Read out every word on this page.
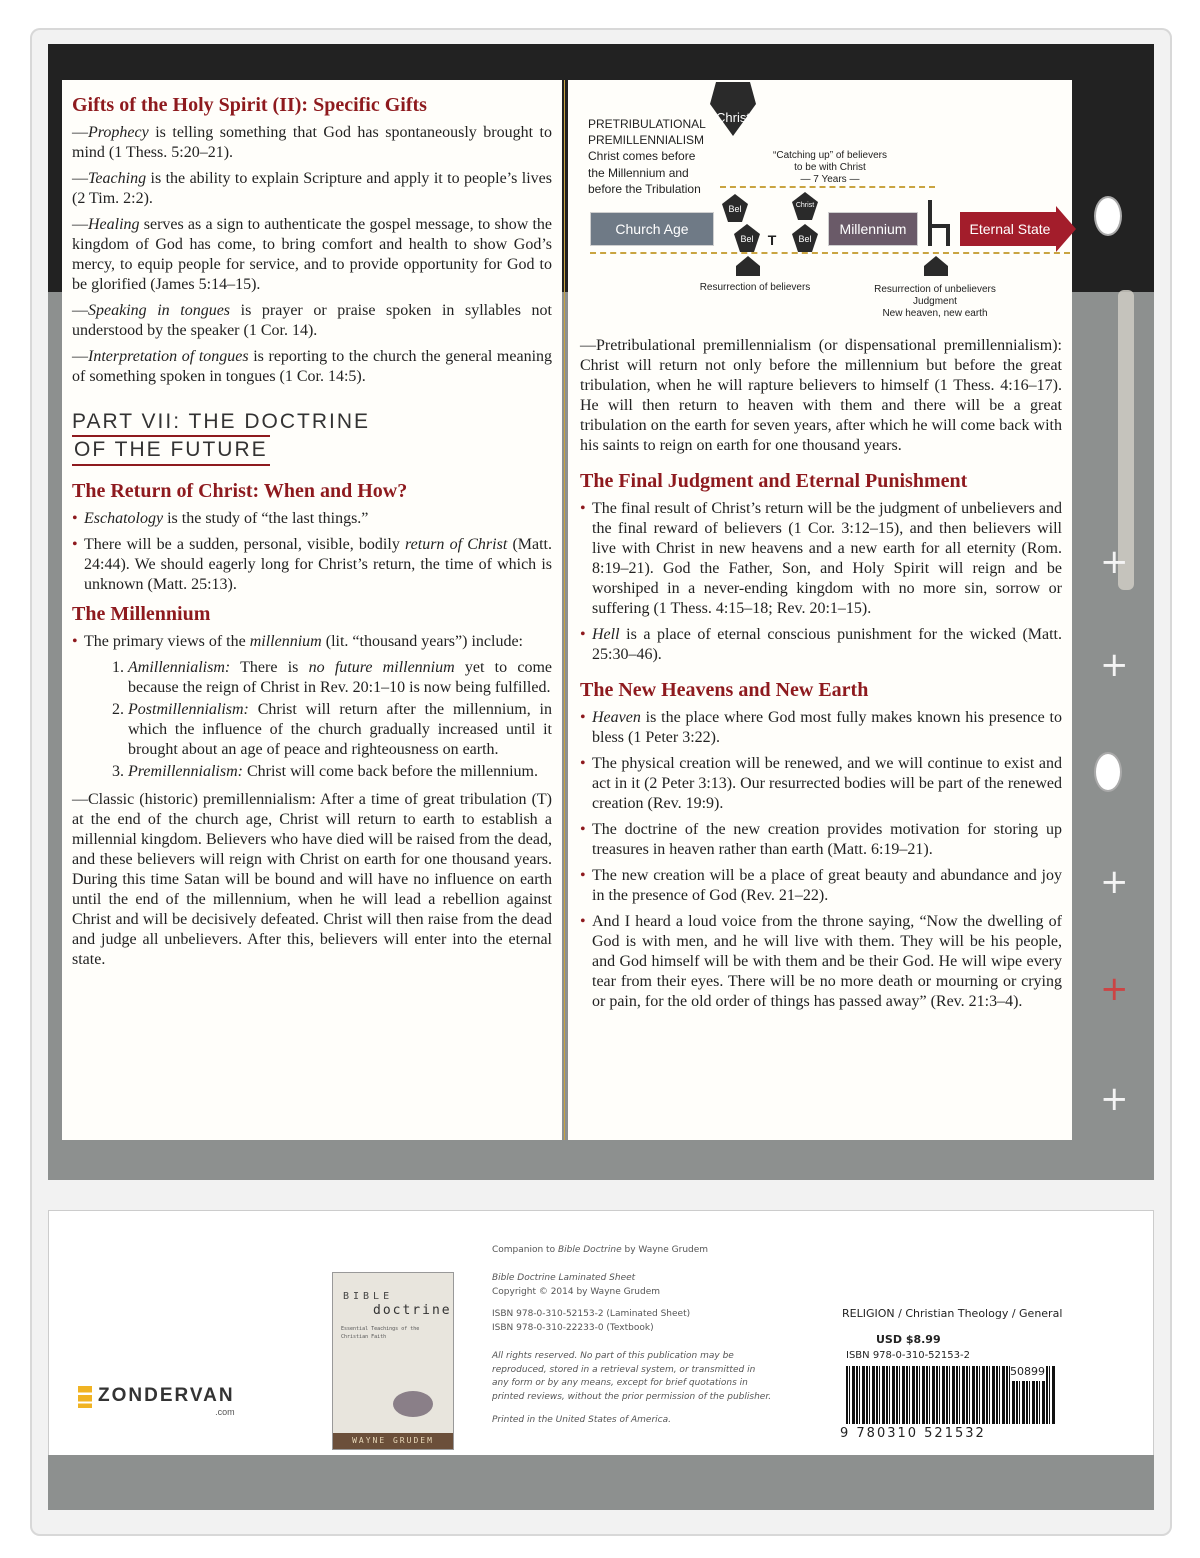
+
+
+
+
+
Gifts of the Holy Spirit (II): Specific Gifts

—Prophecy is telling something that God has spontaneously brought to mind (1 Thess. 5:20–21).

—Teaching is the ability to explain Scripture and apply it to people’s lives (2 Tim. 2:2).

—Healing serves as a sign to authenticate the gospel message, to show the kingdom of God has come, to bring comfort and health to show God’s mercy, to equip people for service, and to provide opportunity for God to be glorified (James 5:14–15).

—Speaking in tongues is prayer or praise spoken in syllables not understood by the speaker (1 Cor. 14).

—Interpretation of tongues is reporting to the church the general meaning of something spoken in tongues (1 Cor. 14:5).

PART VII: THE DOCTRINE
OF THE FUTURE
The Return of Christ: When and How?
• Eschatology is the study of “the last things.”
• There will be a sudden, personal, visible, bodily return of Christ (Matt. 24:44). We should eagerly long for Christ’s return, the time of which is unknown (Matt. 25:13).
The Millennium
• The primary views of the millennium (lit. “thousand years”) include:
1. Amillennialism: There is no future millennium yet to come because the reign of Christ in Rev. 20:1–10 is now being fulfilled.
2. Postmillennialism: Christ will return after the millennium, in which the influence of the church gradually increased until it brought about an age of peace and righteousness on earth.
3. Premillennialism: Christ will come back before the millennium.

—Classic (historic) premillennialism: After a time of great tribulation (T) at the end of the church age, Christ will return to earth to establish a millennial kingdom. Believers who have died will be raised from the dead, and these believers will reign with Christ on earth for one thousand years. During this time Satan will be bound and will have no influence on earth until the end of the millennium, when he will lead a rebellion against Christ and will be decisively defeated. Christ will then raise from the dead and judge all unbelievers. After this, believers will enter into the eternal state.

PRETRIBULATIONAL
PREMILLENNIALISM
Christ comes before
the Millennium and
before the Tribulation
Christ
“Catching up” of believers
to be with Christ
— 7 Years —
Church Age
Bel
Bel	T
Christ
Bel
Millennium	Eternal State
Resurrection of believers	Resurrection of unbelievers
Judgment
New heaven, new earth

—Pretribulational premillennialism (or dispensational premillennialism): Christ will return not only before the millennium but before the great tribulation, when he will rapture believers to himself (1 Thess. 4:16–17). He will then return to heaven with them and there will be a great tribulation on the earth for seven years, after which he will come back with his saints to reign on earth for one thousand years.

The Final Judgment and Eternal Punishment
• The final result of Christ’s return will be the judgment of unbelievers and the final reward of believers (1 Cor. 3:12–15), and then believers will live with Christ in new heavens and a new earth for all eternity (Rom. 8:19–21). God the Father, Son, and Holy Spirit will reign and be worshiped in a never-ending kingdom with no more sin, sorrow or suffering (1 Thess. 4:15–18; Rev. 20:1–15).
• Hell is a place of eternal conscious punishment for the wicked (Matt. 25:30–46).
The New Heavens and New Earth
• Heaven is the place where God most fully makes known his presence to bless (1 Peter 3:22).
• The physical creation will be renewed, and we will continue to exist and act in it (2 Peter 3:13). Our resurrected bodies will be part of the renewed creation (Rev. 19:9).
• The doctrine of the new creation provides motivation for storing up treasures in heaven rather than earth (Matt. 6:19–21).
• The new creation will be a place of great beauty and abundance and joy in the presence of God (Rev. 21–22).
• And I heard a loud voice from the throne saying, “Now the dwelling of God is with men, and he will live with them. They will be his people, and God himself will be with them and be their God. He will wipe every tear from their eyes. There will be no more death or mourning or crying or pain, for the old order of things has passed away” (Rev. 21:3–4).
ZONDERVAN
.com
BIBLE
doctrine
Essential Teachings of the Christian Faith
WAYNE GRUDEM
Companion to Bible Doctrine by Wayne Grudem
Bible Doctrine Laminated Sheet
Copyright © 2014 by Wayne Grudem
ISBN 978-0-310-52153-2 (Laminated Sheet)
ISBN 978-0-310-22233-0 (Textbook)
All rights reserved. No part of this publication may be reproduced, stored in a retrieval system, or transmitted in any form or by any means, except for brief quotations in printed reviews, without the prior permission of the publisher.
Printed in the United States of America.
RELIGION / Christian Theology / General
USD $8.99
ISBN 978-0-310-52153-2
9 780310 521532
50899
